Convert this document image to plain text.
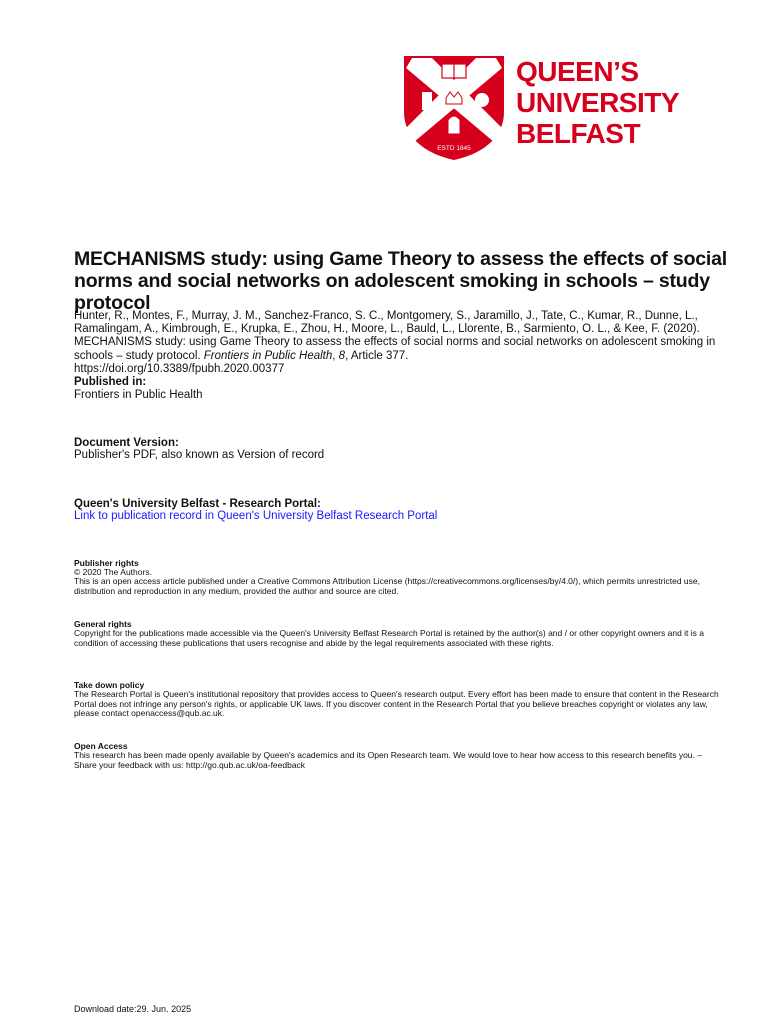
ESTD 1845
QUEEN’S
UNIVERSITY
BELFAST
MECHANISMS study: using Game Theory to assess the effects of social norms and social networks on adolescent smoking in schools – study protocol

Hunter, R., Montes, F., Murray, J. M., Sanchez-Franco, S. C., Montgomery, S., Jaramillo, J., Tate, C., Kumar, R., Dunne, L., Ramalingam, A., Kimbrough, E., Krupka, E., Zhou, H., Moore, L., Bauld, L., Llorente, B., Sarmiento, O. L., & Kee, F. (2020). MECHANISMS study: using Game Theory to assess the effects of social norms and social networks on adolescent smoking in schools – study protocol. Frontiers in Public Health, 8, Article 377.
https://doi.org/10.3389/fpubh.2020.00377

Published in:

Frontiers in Public Health

Document Version:

Publisher's PDF, also known as Version of record

Queen's University Belfast - Research Portal:

Link to publication record in Queen's University Belfast Research Portal

Publisher rights

© 2020 The Authors.

This is an open access article published under a Creative Commons Attribution License (https://creativecommons.org/licenses/by/4.0/), which permits unrestricted use, distribution and reproduction in any medium, provided the author and source are cited.

General rights

Copyright for the publications made accessible via the Queen's University Belfast Research Portal is retained by the author(s) and / or other copyright owners and it is a condition of accessing these publications that users recognise and abide by the legal requirements associated with these rights.

Take down policy

The Research Portal is Queen's institutional repository that provides access to Queen's research output. Every effort has been made to ensure that content in the Research Portal does not infringe any person's rights, or applicable UK laws. If you discover content in the Research Portal that you believe breaches copyright or violates any law, please contact openaccess@qub.ac.uk.

Open Access

This research has been made openly available by Queen's academics and its Open Research team. We would love to hear how access to this research benefits you. – Share your feedback with us: http://go.qub.ac.uk/oa-feedback

Download date:29. Jun. 2025
